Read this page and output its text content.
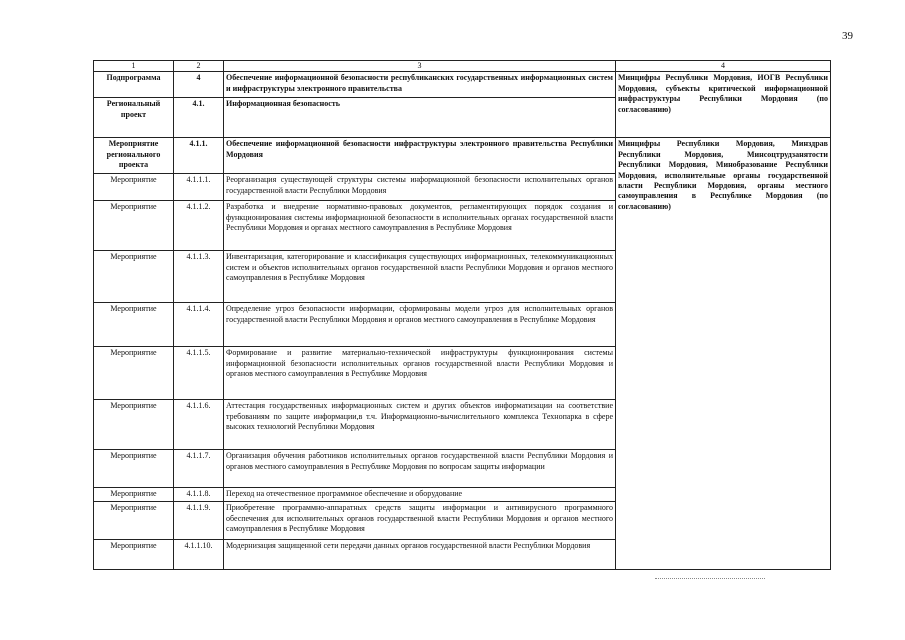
39
1	2	3	4
Подпрограмма	4	Обеспечение информационной безопасности республиканских государственных информационных систем и инфраструктуры электронного правительства	Минцифры Республики Мордовия, ИОГВ Республики Мордовия, субъекты критической информационной инфраструктуры Республики Мордовия (по согласованию)
Региональный проект	4.1.	Информационная безопасность	
Мероприятие регионального проекта	4.1.1.	Обеспечение информационной безопасности инфраструктуры электронного правительства Республики Мордовия	Минцифры Республики Мордовия, Минздрав Республики Мордовия, Минсоцтрудзанятости Республики Мордовия, Минобразование Республики Мордовия, исполнительные органы государственной власти Республики Мордовия, органы местного самоуправления в Республике Мордовия (по согласованию)
Мероприятие	4.1.1.1.	Реорганизация существующей структуры системы информационной безопасности исполнительных органов государственной власти Республики Мордовия	
Мероприятие	4.1.1.2.	Разработка и внедрение нормативно-правовых документов, регламентирующих порядок создания и функционирования системы информационной безопасности в исполнительных органах государственной власти Республики Мордовия и органах местного самоуправления в Республике Мордовия	
Мероприятие	4.1.1.3.	Инвентаризация, категорирование и классификация существующих информационных, телекоммуникационных систем и объектов исполнительных органов государственной власти Республики Мордовия и органов местного самоуправления в Республике Мордовия	
Мероприятие	4.1.1.4.	Определение угроз безопасности информации, сформированы модели угроз для исполнительных органов государственной власти Республики Мордовия и органов местного самоуправления в Республике Мордовия	
Мероприятие	4.1.1.5.	Формирование и развитие материально-технической инфраструктуры функционирования системы информационной безопасности исполнительных органов государственной власти Республики Мордовия и органов местного самоуправления в Республике Мордовия	
Мероприятие	4.1.1.6.	Аттестация государственных информационных систем и других объектов информатизации на соответствие требованиям по защите информации,в т.ч. Информационно-вычислительного комплекса Технопарка в сфере высоких технологий Республики Мордовия	
Мероприятие	4.1.1.7.	Организация обучения работников исполнительных органов государственной власти Республики Мордовия и органов местного самоуправления в Республике Мордовия по вопросам защиты информации	
Мероприятие	4.1.1.8.	Переход на отечественное программное обеспечение и оборудование	
Мероприятие	4.1.1.9.	Приобретение программно-аппаратных средств защиты информации и антивирусного программного обеспечения для исполнительных органов государственной власти Республики Мордовия и органов местного самоуправления в Республике Мордовия	
Мероприятие	4.1.1.10.	Модернизация защищенной сети передачи данных органов государственной власти Республики Мордовия	
